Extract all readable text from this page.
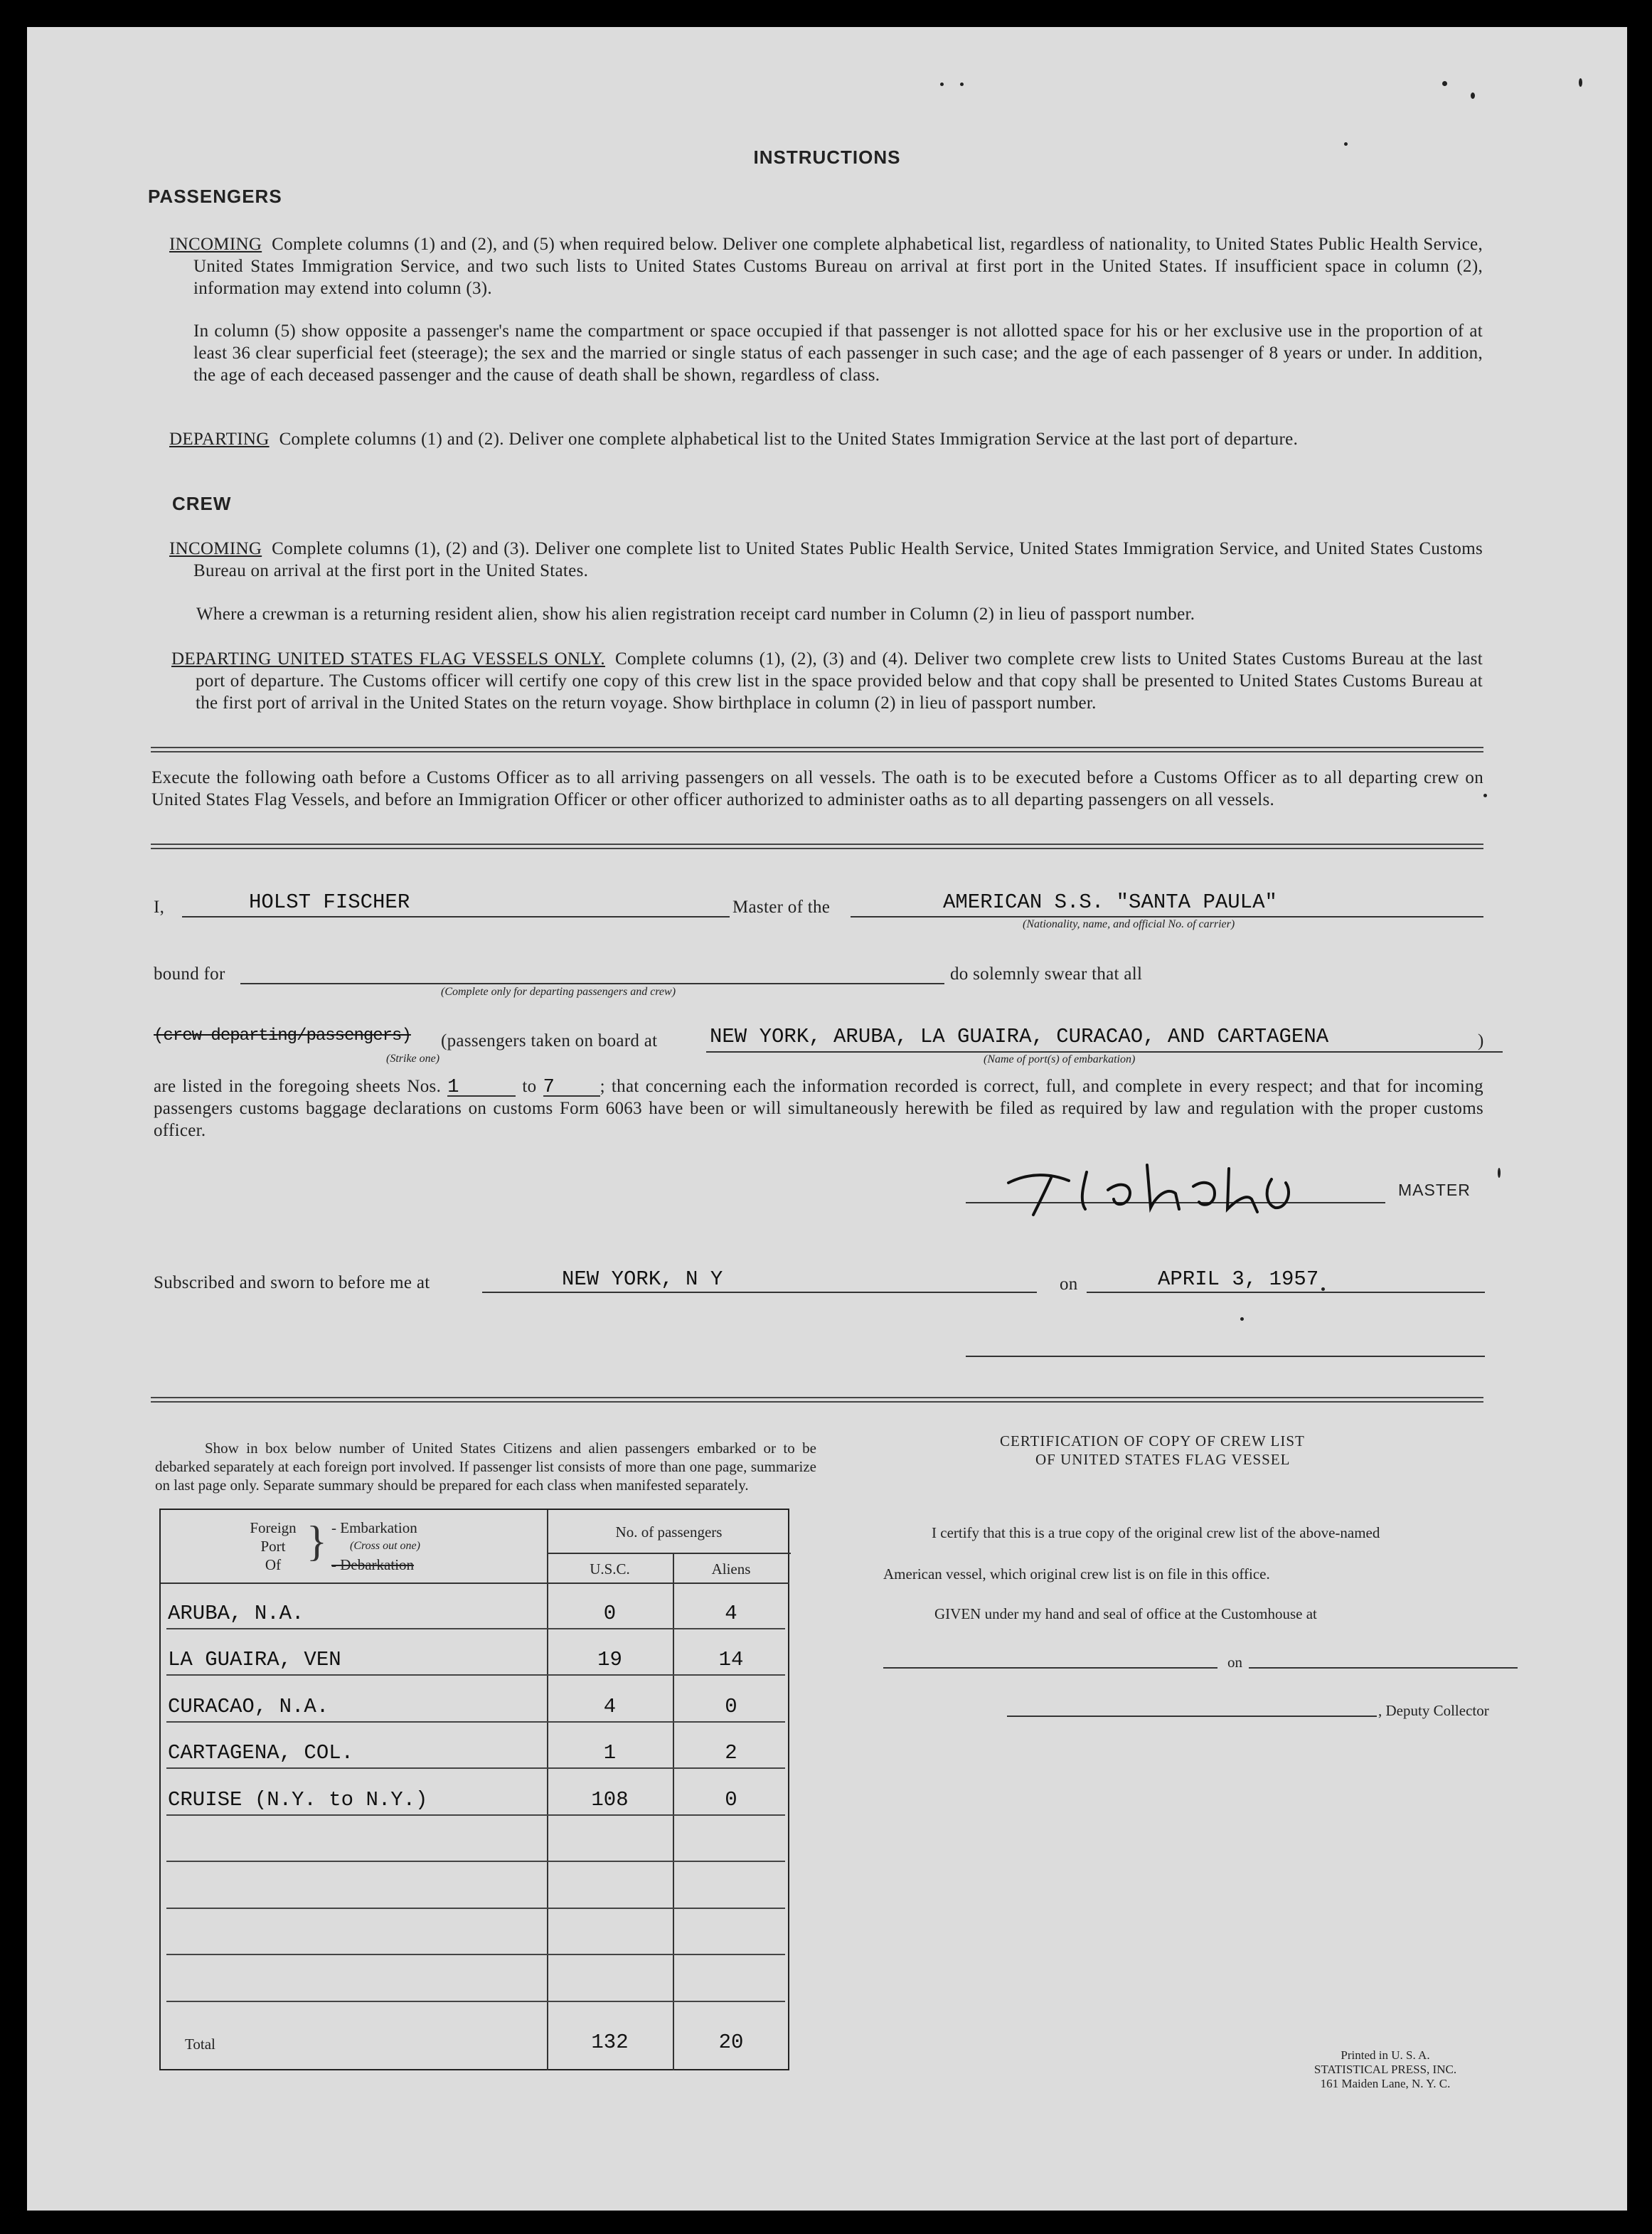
INSTRUCTIONS
PASSENGERS
INCOMING Complete columns (1) and (2), and (5) when required below. Deliver one complete alphabetical list, regardless of nationality, to United States Public Health Service, United States Immigration Service, and two such lists to United States Customs Bureau on arrival at first port in the United States. If insufficient space in column (2), information may extend into column (3).
In column (5) show opposite a passenger's name the compartment or space occupied if that passenger is not allotted space for his or her exclusive use in the proportion of at least 36 clear superficial feet (steerage); the sex and the married or single status of each passenger in such case; and the age of each passenger of 8 years or under. In addition, the age of each deceased passenger and the cause of death shall be shown, regardless of class.
DEPARTING Complete columns (1) and (2). Deliver one complete alphabetical list to the United States Immigration Service at the last port of departure.
CREW
INCOMING Complete columns (1), (2) and (3). Deliver one complete list to United States Public Health Service, United States Immigration Service, and United States Customs Bureau on arrival at the first port in the United States.
Where a crewman is a returning resident alien, show his alien registration receipt card number in Column (2) in lieu of passport number.
DEPARTING UNITED STATES FLAG VESSELS ONLY. Complete columns (1), (2), (3) and (4). Deliver two complete crew lists to United States Customs Bureau at the last port of departure. The Customs officer will certify one copy of this crew list in the space provided below and that copy shall be presented to United States Customs Bureau at the first port of arrival in the United States on the return voyage. Show birthplace in column (2) in lieu of passport number.
Execute the following oath before a Customs Officer as to all arriving passengers on all vessels. The oath is to be executed before a Customs Officer as to all departing crew on United States Flag Vessels, and before an Immigration Officer or other officer authorized to administer oaths as to all departing passengers on all vessels.
I,	HOLST FISCHER	Master of the	AMERICAN S.S. "SANTA PAULA"
(Nationality, name, and official No. of carrier)
bound for
(Complete only for departing passengers and crew)
do solemnly swear that all
(crew departing/passengers)
(Strike one)
(passengers taken on board at	NEW YORK, ARUBA, LA GUAIRA, CURACAO, AND CARTAGENA
(Name of port(s) of embarkation)
)
are listed in the foregoing sheets Nos. 1	to 7	; that concerning each the information recorded is correct, full, and complete in every respect; and that for incoming passengers customs baggage declarations on customs Form 6063 have been or will simultaneously herewith be filed as required by law and regulation with the proper customs officer.
MASTER
Subscribed and sworn to before me at	NEW YORK, N Y	on	APRIL 3, 1957
Show in box below number of United States Citizens and alien passengers embarked or to be debarked separately at each foreign port involved. If passenger list consists of more than one page, summarize on last page only. Separate summary should be prepared for each class when manifested separately.
Foreign
Port
Of } - Embarkation
(Cross out one)
- Debarkation
No. of passengers
U.S.C.	Aliens
ARUBA, N.A.	0	4
LA GUAIRA, VEN	19	14
CURACAO, N.A.	4	0
CARTAGENA, COL.	1	2
CRUISE (N.Y. to N.Y.)	108	0
Total	132	20
CERTIFICATION OF COPY OF CREW LIST
OF UNITED STATES FLAG VESSEL
I certify that this is a true copy of the original crew list of the above-named
American vessel, which original crew list is on file in this office.
GIVEN under my hand and seal of office at the Customhouse at
on
, Deputy Collector
Printed in U. S. A.
STATISTICAL PRESS, INC.
161 Maiden Lane, N. Y. C.
